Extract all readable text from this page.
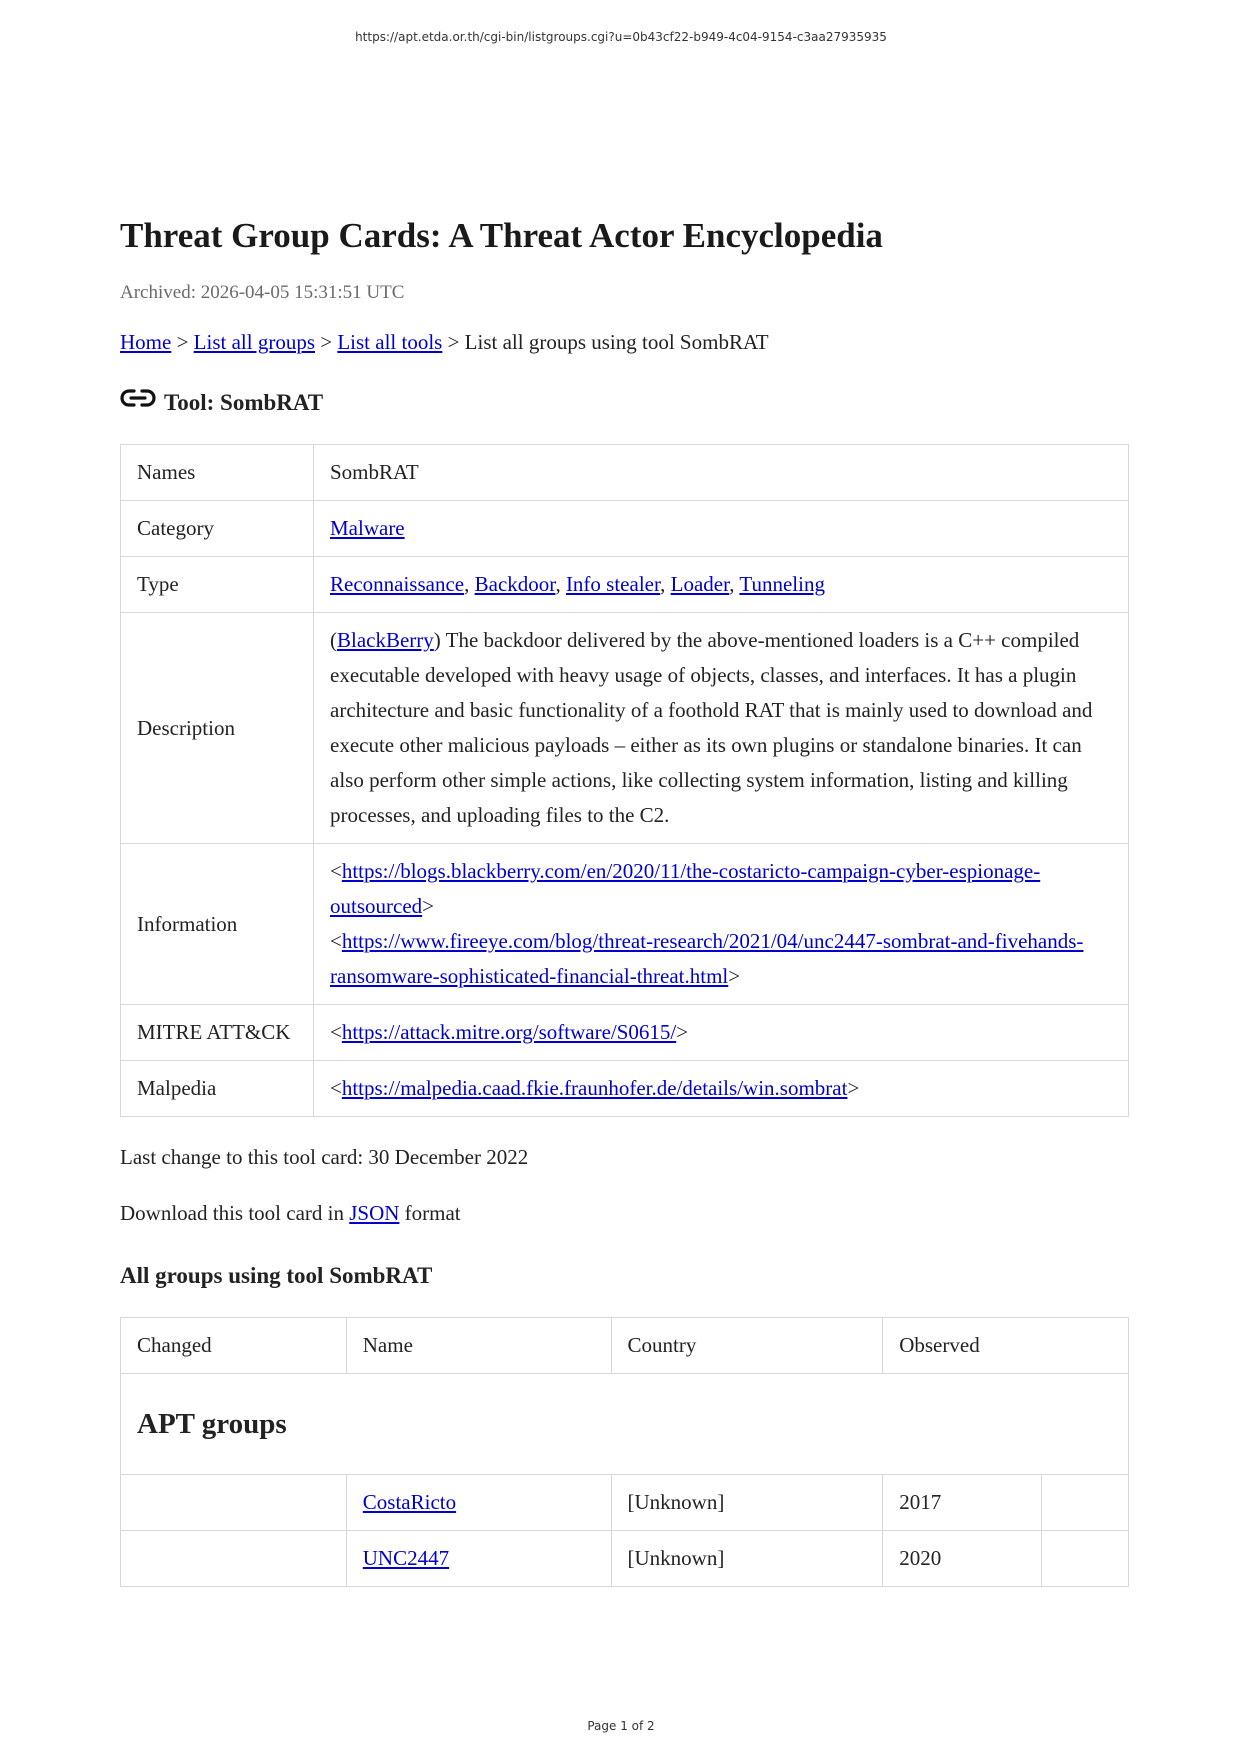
https://apt.etda.or.th/cgi-bin/listgroups.cgi?u=0b43cf22-b949-4c04-9154-c3aa27935935
Threat Group Cards: A Threat Actor Encyclopedia
Archived: 2026-04-05 15:31:51 UTC
Home > List all groups > List all tools > List all groups using tool SombRAT
Tool: SombRAT
Names	SombRAT
Category	Malware
Type	Reconnaissance, Backdoor, Info stealer, Loader, Tunneling
Description	(BlackBerry) The backdoor delivered by the above-mentioned loaders is a C++ compiled executable developed with heavy usage of objects, classes, and interfaces. It has a plugin architecture and basic functionality of a foothold RAT that is mainly used to download and execute other malicious payloads – either as its own plugins or standalone binaries. It can also perform other simple actions, like collecting system information, listing and killing processes, and uploading files to the C2.
Information	<https://blogs.blackberry.com/en/2020/11/the-costaricto-campaign-cyber-espionage-outsourced>
<https://www.fireeye.com/blog/threat-research/2021/04/unc2447-sombrat-and-fivehands-ransomware-sophisticated-financial-threat.html>

MITRE ATT&CK	<https://attack.mitre.org/software/S0615/>
Malpedia	<https://malpedia.caad.fkie.fraunhofer.de/details/win.sombrat>
Last change to this tool card: 30 December 2022
Download this tool card in JSON format
All groups using tool SombRAT
Changed	Name	Country	Observed	
APT groups				
	CostaRicto	[Unknown]	2017	
	UNC2447	[Unknown]	2020	
Page 1 of 2
